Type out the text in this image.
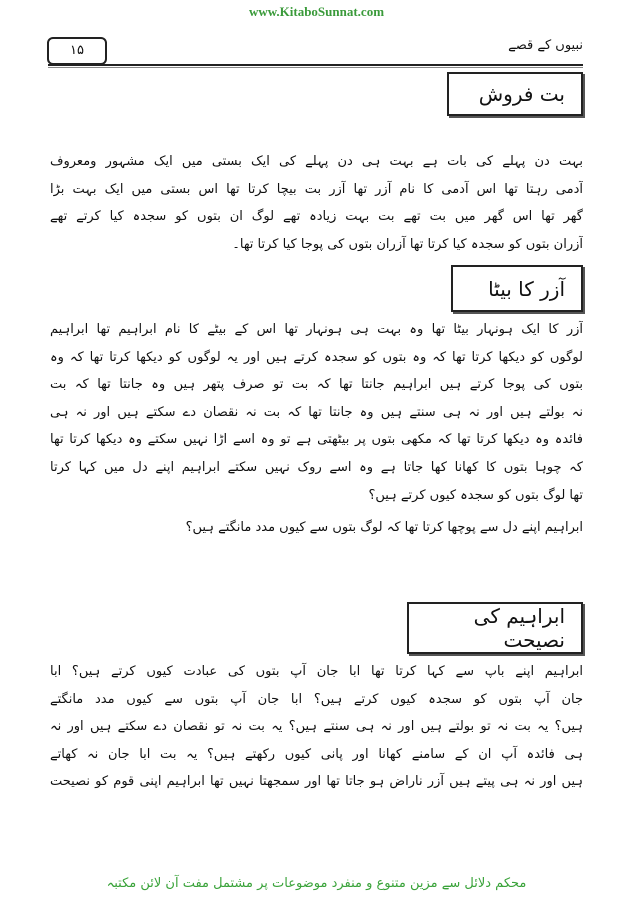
www.KitaboSunnat.com
۱۵	نبیوں کے قصے
بت فروش
بہت دن پہلے کی بات ہے بہت ہی دن پہلے کی ایک بستی میں ایک مشہور ومعروف
آدمی رہتا تھا اس آدمی کا نام آزر تھا آزر بت بیچا کرتا تھا اس بستی میں ایک بہت بڑا
گھر تھا اس گھر میں بت تھے بت بہت زیادہ تھے لوگ ان بتوں کو سجدہ کیا کرتے تھے
آزران بتوں کو سجدہ کیا کرتا تھا آزران بتوں کی پوجا کیا کرتا تھا۔
آزر کا بیٹا
آزر کا ایک ہونہار بیٹا تھا وہ بہت ہی ہونہار تھا اس کے بیٹے کا نام ابراہیم تھا ابراہیم
لوگوں کو دیکھا کرتا تھا کہ وہ بتوں کو سجدہ کرتے ہیں اور یہ لوگوں کو دیکھا کرتا تھا کہ وہ
بتوں کی پوجا کرتے ہیں ابراہیم جانتا تھا کہ بت تو صرف پتھر ہیں وہ جانتا تھا کہ بت
نہ بولتے ہیں اور نہ ہی سنتے ہیں وہ جانتا تھا کہ بت نہ نقصان دے سکتے ہیں اور نہ ہی
فائدہ وہ دیکھا کرتا تھا کہ مکھی بتوں پر بیٹھتی ہے تو وہ اسے اڑا نہیں سکتے وہ دیکھا کرتا تھا
کہ چوہا بتوں کا کھانا کھا جاتا ہے وہ اسے روک نہیں سکتے ابراہیم اپنے دل میں کہا کرتا
تھا لوگ بتوں کو سجدہ کیوں کرتے ہیں؟
ابراہیم اپنے دل سے پوچھا کرتا تھا کہ لوگ بتوں سے کیوں مدد مانگتے ہیں؟
ابراہیم کی نصیحت
ابراہیم اپنے باپ سے کہا کرتا تھا ابا جان آپ بتوں کی عبادت کیوں کرتے ہیں؟ ابا
جان آپ بتوں کو سجدہ کیوں کرتے ہیں؟ ابا جان آپ بتوں سے کیوں مدد مانگتے
ہیں؟ یہ بت نہ تو بولتے ہیں اور نہ ہی سنتے ہیں؟ یہ بت نہ تو نقصان دے سکتے ہیں اور نہ
ہی فائدہ آپ ان کے سامنے کھانا اور پانی کیوں رکھتے ہیں؟ یہ بت ابا جان نہ کھاتے
ہیں اور نہ ہی پیتے ہیں آزر ناراض ہو جاتا تھا اور سمجھتا نہیں تھا ابراہیم اپنی قوم کو نصیحت
محکم دلائل سے مزین متنوع و منفرد موضوعات پر مشتمل مفت آن لائن مکتبہ
